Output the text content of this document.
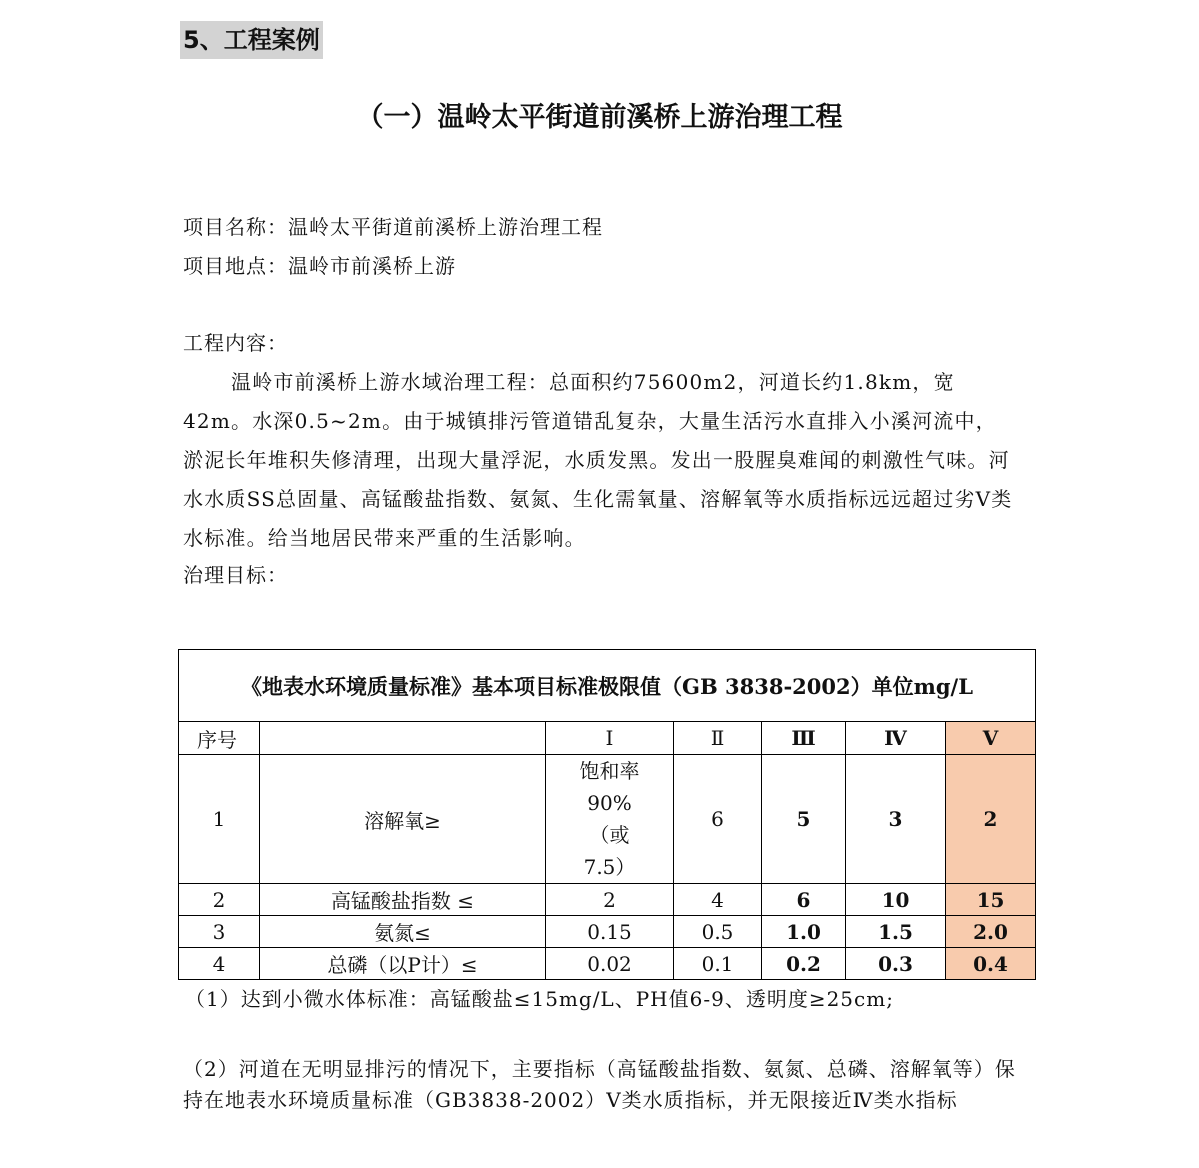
5、工程案例
（一）温岭太平街道前溪桥上游治理工程
项目名称：温岭太平街道前溪桥上游治理工程
项目地点：温岭市前溪桥上游
工程内容：
温岭市前溪桥上游水域治理工程：总面积约75600m2，河道长约1.8km，宽42m。水深0.5~2m。由于城镇排污管道错乱复杂，大量生活污水直排入小溪河流中，淤泥长年堆积失修清理，出现大量浮泥，水质发黑。发出一股腥臭难闻的刺激性气味。河水水质SS总固量、高锰酸盐指数、氨氮、生化需氧量、溶解氧等水质指标远远超过劣Ⅴ类水标准。给当地居民带来严重的生活影响。
治理目标：
《地表水环境质量标准》基本项目标准极限值（GB 3838-2002）单位mg/L						
序号		Ⅰ	Ⅱ	Ⅲ	Ⅳ	Ⅴ
1	溶解氧≥	饱和率
90%
（或
7.5）	6	5	3	2
2	高锰酸盐指数 ≤	2	4	6	10	15
3	氨氮≤	0.15	0.5	1.0	1.5	2.0
4	总磷（以P计）≤	0.02	0.1	0.2	0.3	0.4
（1）达到小微水体标准：高锰酸盐≤15mg/L、PH值6-9、透明度≥25cm;
（2）河道在无明显排污的情况下，主要指标（高锰酸盐指数、氨氮、总磷、溶解氧等）保持在地表水环境质量标准（GB3838-2002）Ⅴ类水质指标，并无限接近Ⅳ类水指标
